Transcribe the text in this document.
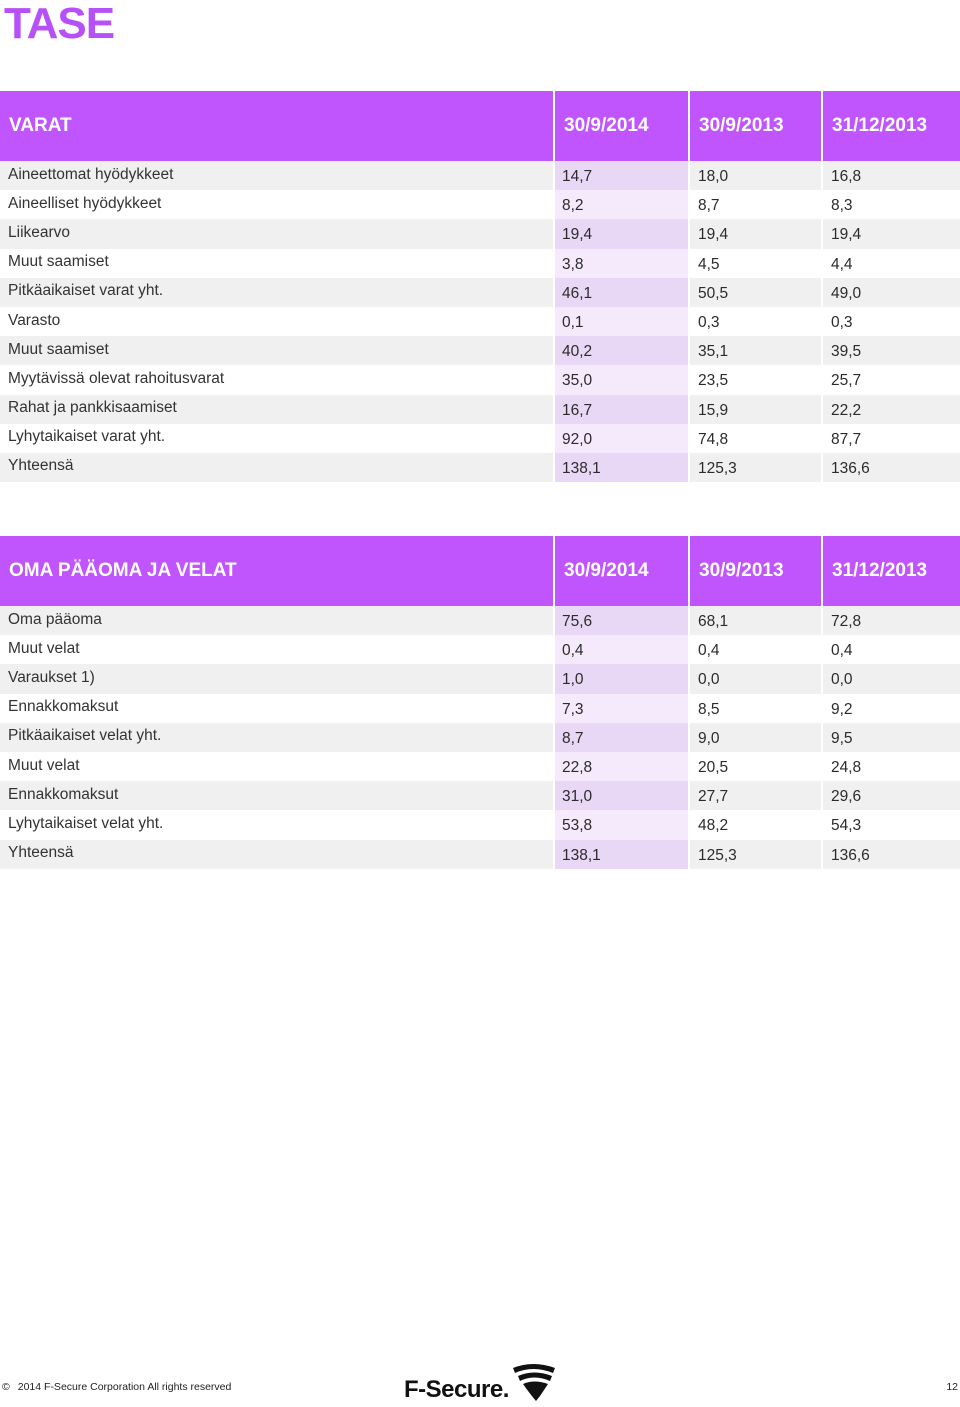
TASE
VARAT	30/9/2014	30/9/2013	31/12/2013
Aineettomat hyödykkeet	14,7	18,0	16,8
Aineelliset hyödykkeet	8,2	8,7	8,3
Liikearvo	19,4	19,4	19,4
Muut saamiset	3,8	4,5	4,4
Pitkäaikaiset varat yht.	46,1	50,5	49,0
Varasto	0,1	0,3	0,3
Muut saamiset	40,2	35,1	39,5
Myytävissä olevat rahoitusvarat	35,0	23,5	25,7
Rahat ja pankkisaamiset	16,7	15,9	22,2
Lyhytaikaiset varat yht.	92,0	74,8	87,7
Yhteensä	138,1	125,3	136,6
OMA PÄÄOMA JA VELAT	30/9/2014	30/9/2013	31/12/2013
Oma pääoma	75,6	68,1	72,8
Muut velat	0,4	0,4	0,4
Varaukset 1)	1,0	0,0	0,0
Ennakkomaksut	7,3	8,5	9,2
Pitkäaikaiset velat yht.	8,7	9,0	9,5
Muut velat	22,8	20,5	24,8
Ennakkomaksut	31,0	27,7	29,6
Lyhytaikaiset velat yht.	53,8	48,2	54,3
Yhteensä	138,1	125,3	136,6
© 2014 F-Secure Corporation All rights reserved	F-Secure.	12
